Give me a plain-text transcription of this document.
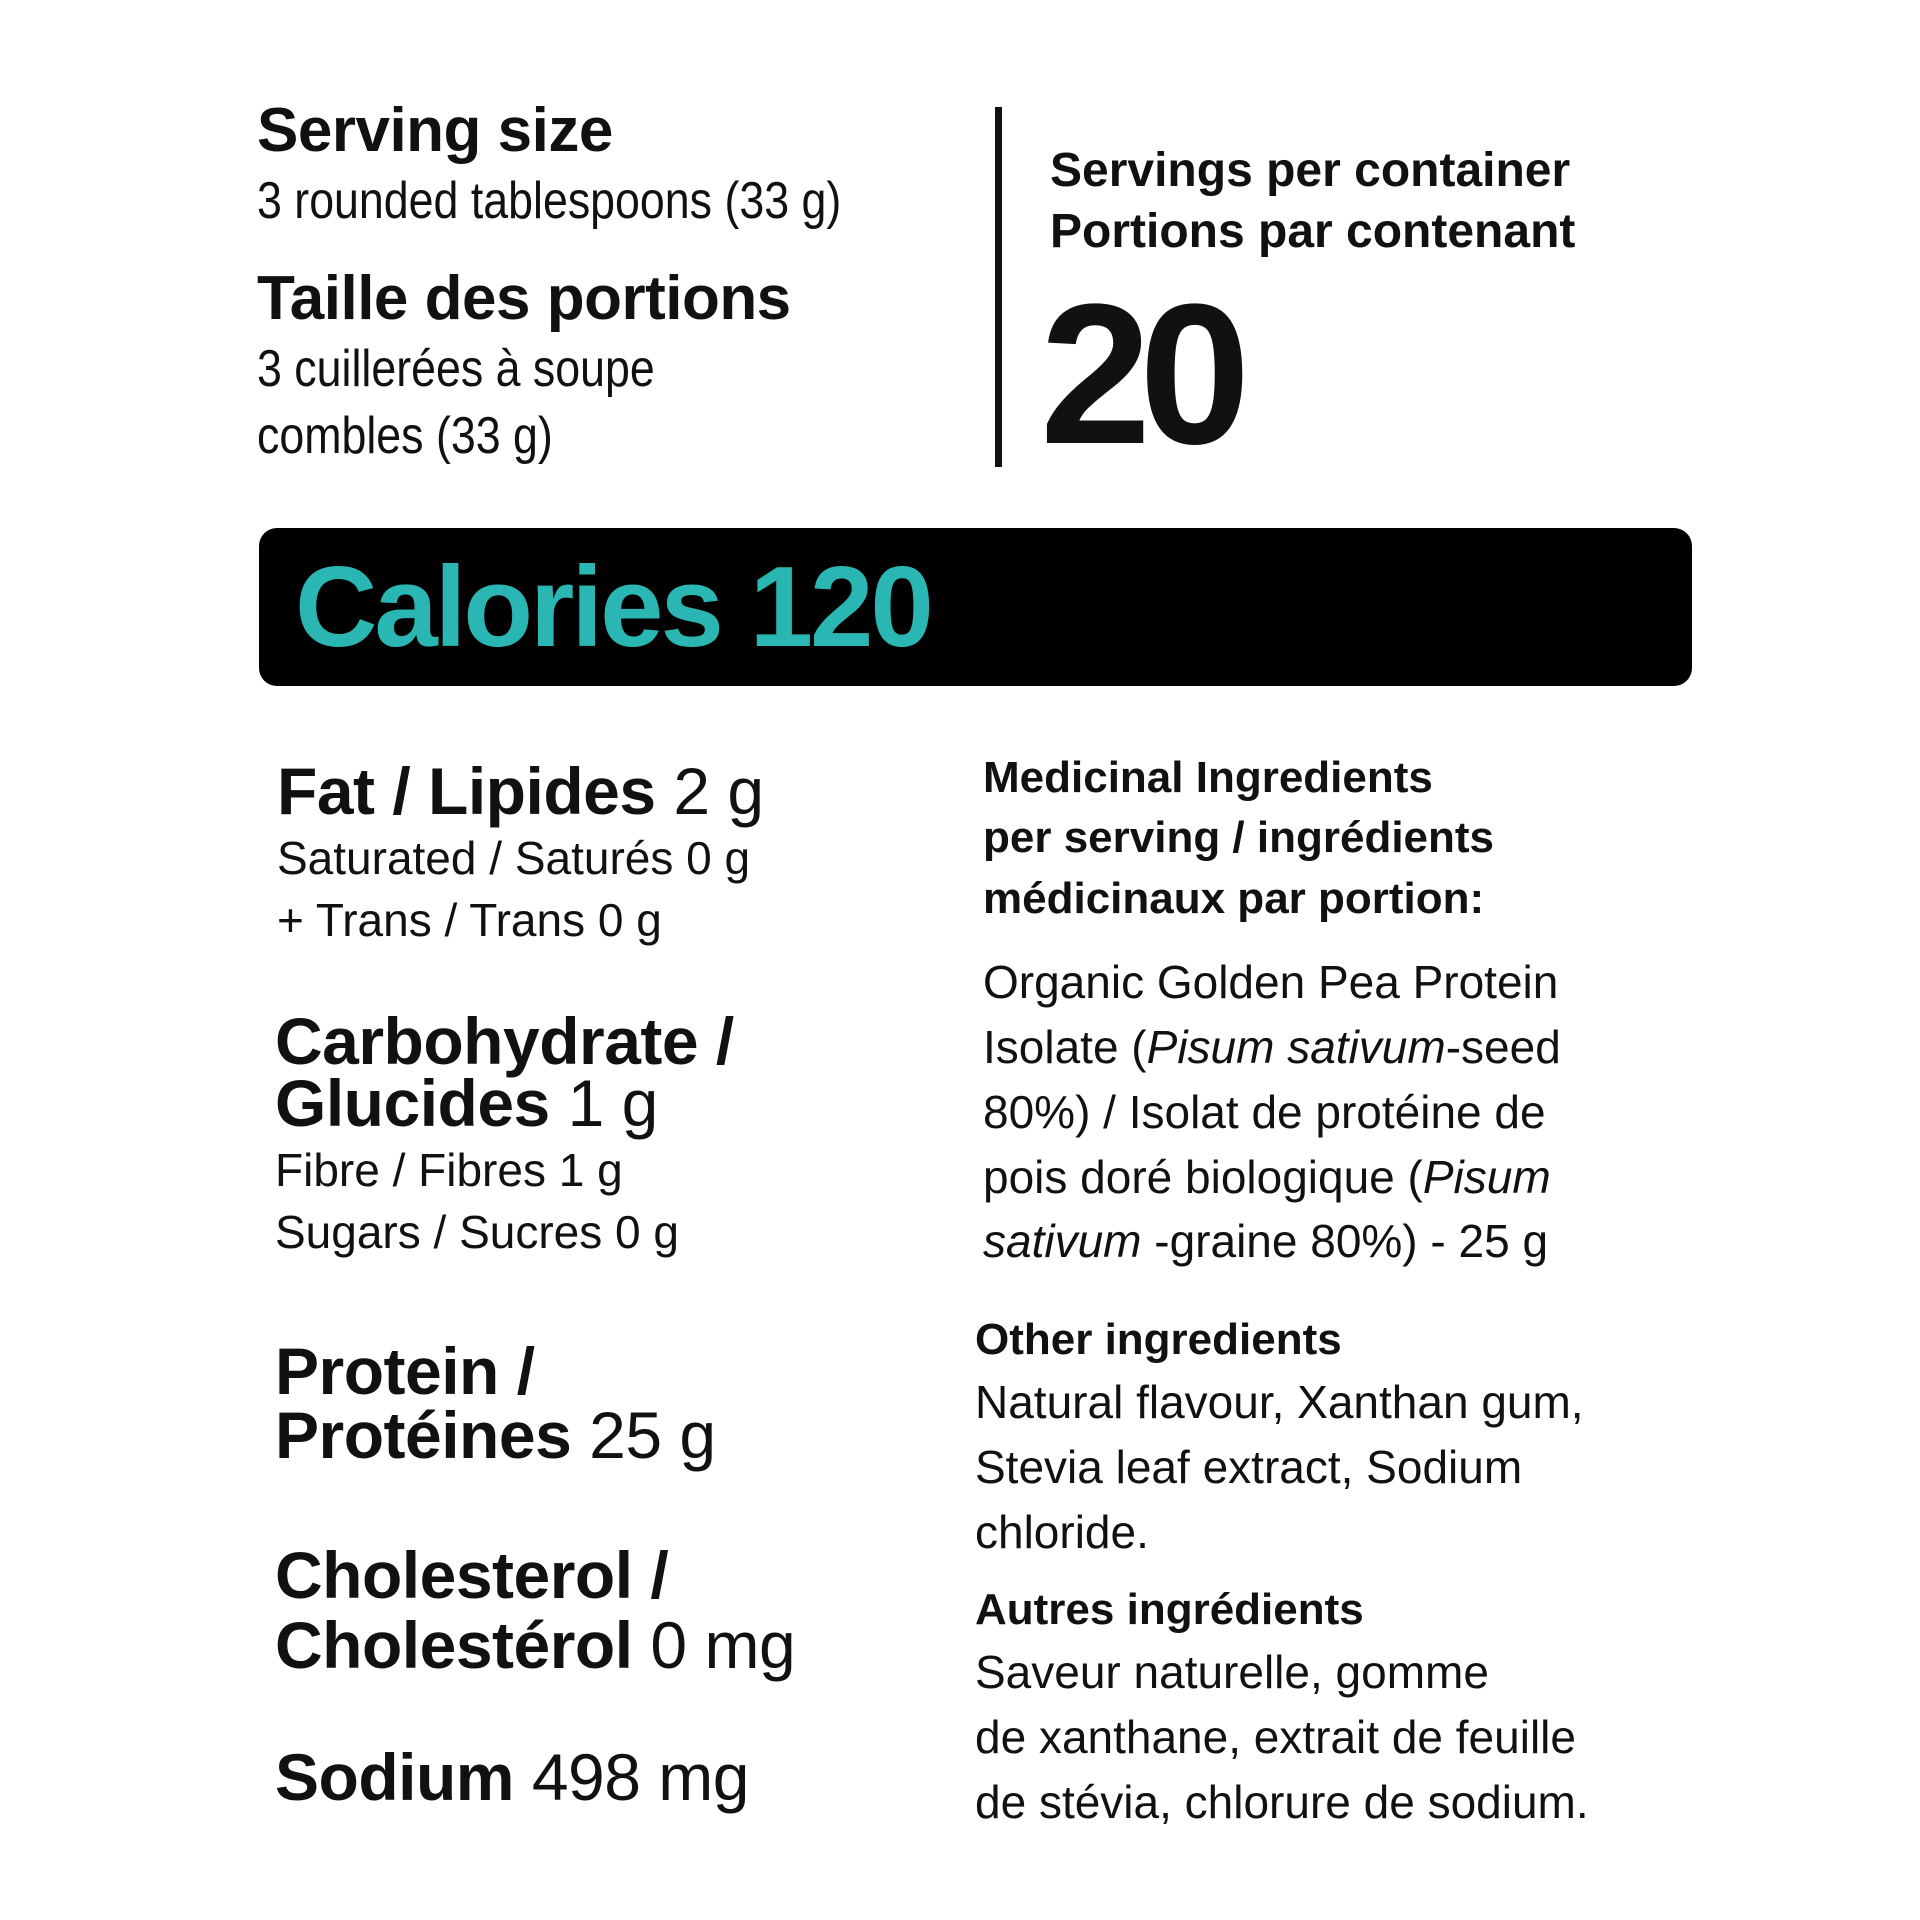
Serving size
3 rounded tablespoons (33 g)
Taille des portions
3 cuillerées à soupe
combles (33 g)
Servings per container
Portions par contenant
20
Calories 120
Fat / Lipides 2 g
Saturated / Saturés 0 g
+ Trans / Trans 0 g
Carbohydrate /
Glucides 1 g
Fibre / Fibres 1 g
Sugars / Sucres 0 g
Protein /
Protéines 25 g
Cholesterol /
Cholestérol 0 mg
Sodium 498 mg
Medicinal Ingredients
per serving / ingrédients
médicinaux par portion:
Organic Golden Pea Protein
Isolate (Pisum sativum-seed
80%) / Isolat de protéine de
pois doré biologique (Pisum
sativum -graine 80%) - 25 g
Other ingredients
Natural flavour, Xanthan gum,
Stevia leaf extract, Sodium
chloride.
Autres ingrédients
Saveur naturelle, gomme
de xanthane, extrait de feuille
de stévia, chlorure de sodium.
